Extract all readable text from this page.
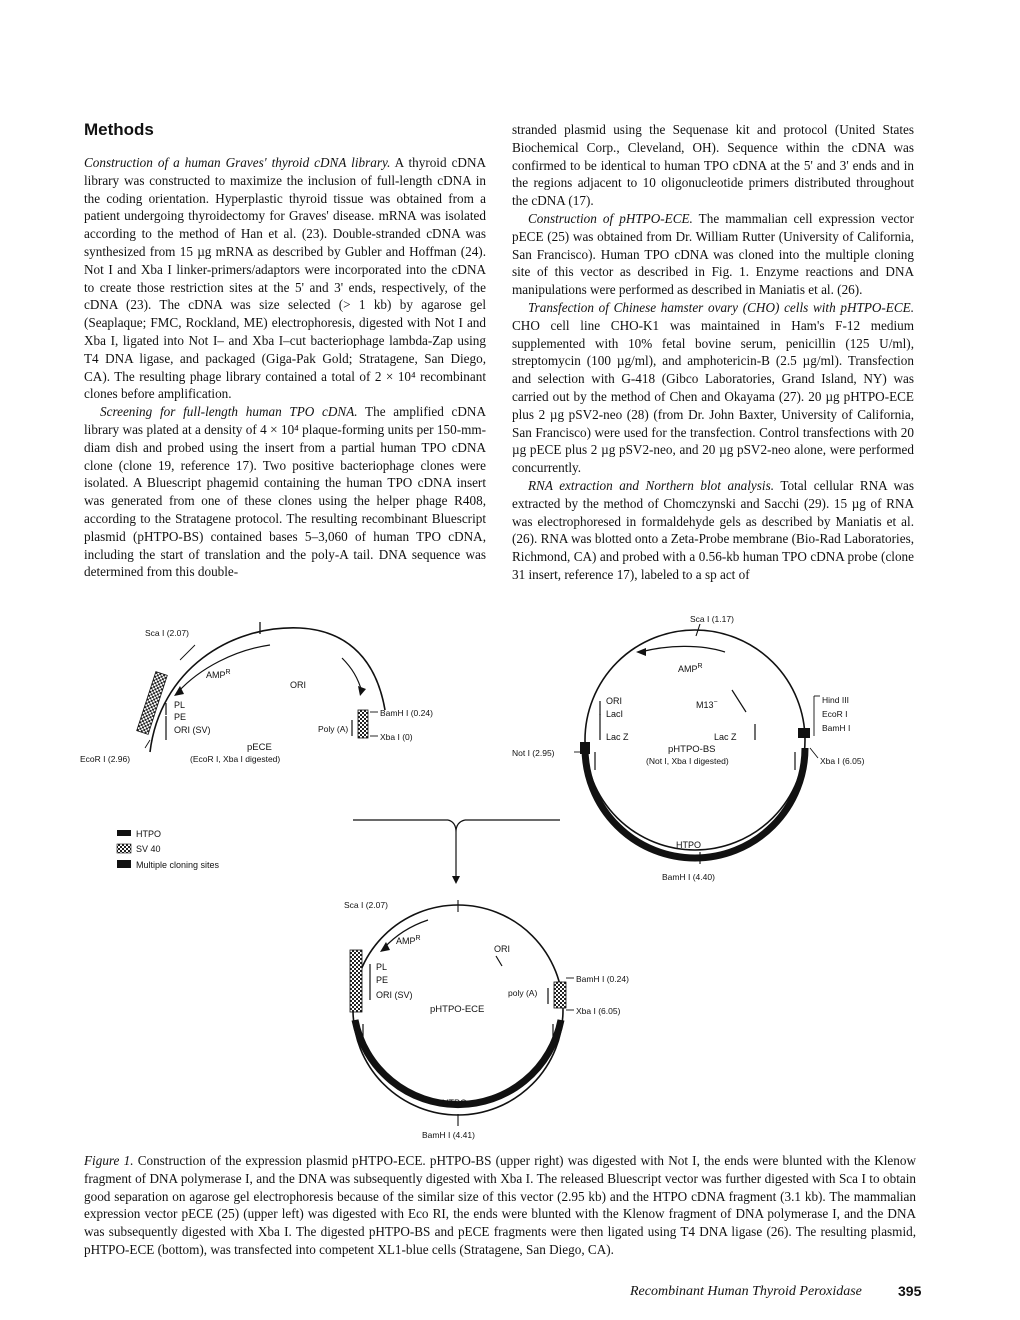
Methods

Construction of a human Graves' thyroid cDNA library. A thyroid cDNA library was constructed to maximize the inclusion of full-length cDNA in the coding orientation. Hyperplastic thyroid tissue was obtained from a patient undergoing thyroidectomy for Graves' disease. mRNA was isolated according to the method of Han et al. (23). Double-stranded cDNA was synthesized from 15 µg mRNA as described by Gubler and Hoffman (24). Not I and Xba I linker-primers/adaptors were incorporated into the cDNA to create those restriction sites at the 5' and 3' ends, respectively, of the cDNA (23). The cDNA was size selected (> 1 kb) by agarose gel (Seaplaque; FMC, Rockland, ME) electrophoresis, digested with Not I and Xba I, ligated into Not I– and Xba I–cut bacteriophage lambda-Zap using T4 DNA ligase, and packaged (Giga-Pak Gold; Stratagene, San Diego, CA). The resulting phage library contained a total of 2 × 10⁴ recombinant clones before amplification.

Screening for full-length human TPO cDNA. The amplified cDNA library was plated at a density of 4 × 10⁴ plaque-forming units per 150-mm-diam dish and probed using the insert from a partial human TPO cDNA clone (clone 19, reference 17). Two positive bacteriophage clones were isolated. A Bluescript phagemid containing the human TPO cDNA insert was generated from one of these clones using the helper phage R408, according to the Stratagene protocol. The resulting recombinant Bluescript plasmid (pHTPO-BS) contained bases 5–3,060 of human TPO cDNA, including the start of translation and the poly-A tail. DNA sequence was determined from this double-

stranded plasmid using the Sequenase kit and protocol (United States Biochemical Corp., Cleveland, OH). Sequence within the cDNA was confirmed to be identical to human TPO cDNA at the 5' and 3' ends and in the regions adjacent to 10 oligonucleotide primers distributed throughout the cDNA (17).

Construction of pHTPO-ECE. The mammalian cell expression vector pECE (25) was obtained from Dr. William Rutter (University of California, San Francisco). Human TPO cDNA was cloned into the multiple cloning site of this vector as described in Fig. 1. Enzyme reactions and DNA manipulations were performed as described in Maniatis et al. (26).

Transfection of Chinese hamster ovary (CHO) cells with pHTPO-ECE. CHO cell line CHO-K1 was maintained in Ham's F-12 medium supplemented with 10% fetal bovine serum, penicillin (125 U/ml), streptomycin (100 µg/ml), and amphotericin-B (2.5 µg/ml). Transfection and selection with G-418 (Gibco Laboratories, Grand Island, NY) was carried out by the method of Chen and Okayama (27). 20 µg pHTPO-ECE plus 2 µg pSV2-neo (28) (from Dr. John Baxter, University of California, San Francisco) were used for the transfection. Control transfections with 20 µg pECE plus 2 µg pSV2-neo, and 20 µg pSV2-neo alone, were performed concurrently.

RNA extraction and Northern blot analysis. Total cellular RNA was extracted by the method of Chomczynski and Sacchi (29). 15 µg of RNA was electrophoresed in formaldehyde gels as described by Maniatis et al. (26). RNA was blotted onto a Zeta-Probe membrane (Bio-Rad Laboratories, Richmond, CA) and probed with a 0.56-kb human TPO cDNA probe (clone 31 insert, reference 17), labeled to a sp act of

Sca I (2.07)
EcoR I (2.96)
$AMP^R$
ORI
PL
PE
ORI (SV)	Poly (A)
BamH I (0.24)
Xba I (0)
pECE
(EcoR I, Xba I digested)
Sca I (1.17)
$AMP^R$
ORI
LacI
Lac Z
M13−
Lac Z
Hind III
EcoR I
BamH I
Not I (2.95)
Xba I (6.05)
pHTPO-BS
(Not I, Xba I digested)
HTPO
BamH I (4.40)
HTPO
SV 40
Multiple cloning sites
Sca I (2.07)
$AMP^R$
ORI
PL
PE
ORI (SV)
pHTPO-ECE
poly (A)
BamH I (0.24)
Xba I (6.05)
HTPO
BamH I (4.41)
Figure 1. Construction of the expression plasmid pHTPO-ECE. pHTPO-BS (upper right) was digested with Not I, the ends were blunted with the Klenow fragment of DNA polymerase I, and the DNA was subsequently digested with Xba I. The released Bluescript vector was further digested with Sca I to obtain good separation on agarose gel electrophoresis because of the similar size of this vector (2.95 kb) and the HTPO cDNA fragment (3.1 kb). The mammalian expression vector pECE (25) (upper left) was digested with Eco RI, the ends were blunted with the Klenow fragment of DNA polymerase I, and the DNA was subsequently digested with Xba I. The digested pHTPO-BS and pECE fragments were then ligated using T4 DNA ligase (26). The resulting plasmid, pHTPO-ECE (bottom), was transfected into competent XL1-blue cells (Stratagene, San Diego, CA).
Recombinant Human Thyroid Peroxidase	395
